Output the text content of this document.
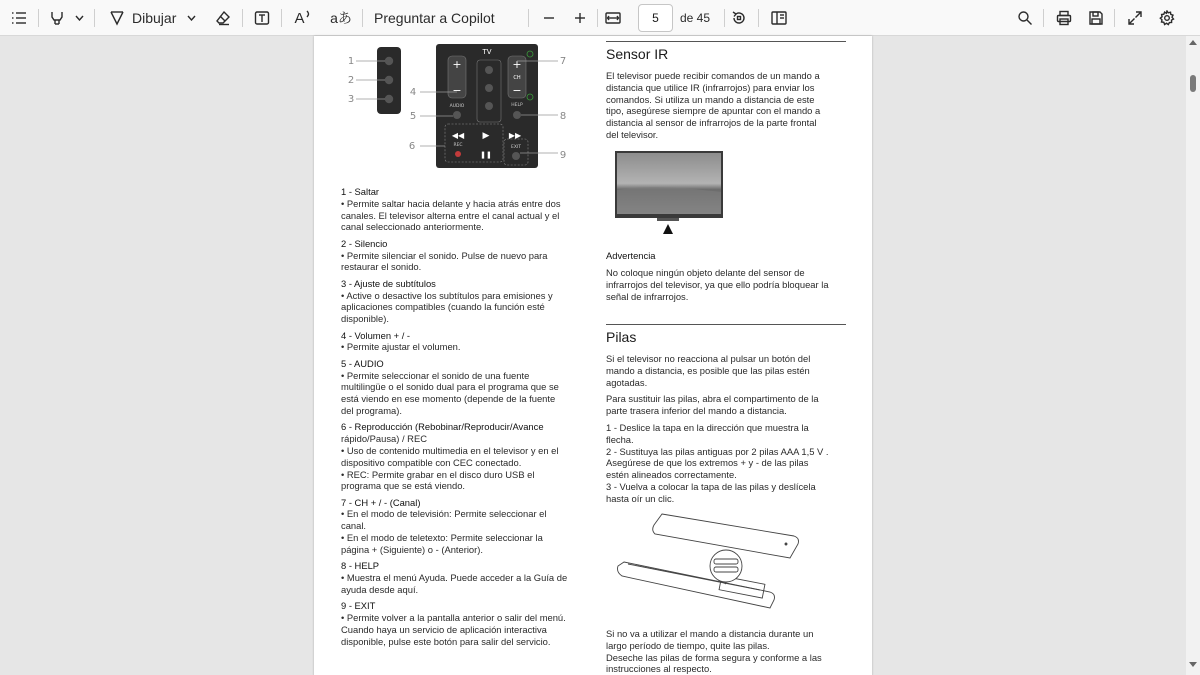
Dibujar	A aあ Preguntar a Copilot	5 de 45
TV
+
−
+
CH
−
AUDIO	HELP
◀◀ ▶ ▶▶
REC
❚❚
EXIT
1
2
3
4
5
6
7
8
9
1 - Saltar
• Permite saltar hacia delante y hacia atrás entre dos
canales. El televisor alterna entre el canal actual y el
canal seleccionado anteriormente.
2 - Silencio
• Permite silenciar el sonido. Pulse de nuevo para
restaurar el sonido.
3 - Ajuste de subtítulos
• Active o desactive los subtítulos para emisiones y
aplicaciones compatibles (cuando la función esté
disponible).
4 - Volumen + / -
• Permite ajustar el volumen.
5 - AUDIO
• Permite seleccionar el sonido de una fuente
multilingüe o el sonido dual para el programa que se
está viendo en ese momento (depende de la fuente
del programa).
6 - Reproducción (Rebobinar/Reproducir/Avance
rápido/Pausa) / REC
• Uso de contenido multimedia en el televisor y en el
dispositivo compatible con CEC conectado.
• REC: Permite grabar en el disco duro USB el
programa que se está viendo.
7 - CH + / - (Canal)
• En el modo de televisión: Permite seleccionar el
canal.
• En el modo de teletexto: Permite seleccionar la
página + (Siguiente) o - (Anterior).
8 - HELP
• Muestra el menú Ayuda. Puede acceder a la Guía de
ayuda desde aquí.
9 - EXIT
• Permite volver a la pantalla anterior o salir del menú.
Cuando haya un servicio de aplicación interactiva
disponible, pulse este botón para salir del servicio.
Sensor IR
El televisor puede recibir comandos de un mando a
distancia que utilice IR (infrarrojos) para enviar los
comandos. Si utiliza un mando a distancia de este
tipo, asegúrese siempre de apuntar con el mando a
distancia al sensor de infrarrojos de la parte frontal
del televisor.
Advertencia
No coloque ningún objeto delante del sensor de
infrarrojos del televisor, ya que ello podría bloquear la
señal de infrarrojos.
Pilas
Si el televisor no reacciona al pulsar un botón del
mando a distancia, es posible que las pilas estén
agotadas.
Para sustituir las pilas, abra el compartimento de la
parte trasera inferior del mando a distancia.
1 - Deslice la tapa en la dirección que muestra la
flecha.
2 - Sustituya las pilas antiguas por 2 pilas AAA 1,5 V .
Asegúrese de que los extremos + y - de las pilas
estén alineados correctamente.
3 - Vuelva a colocar la tapa de las pilas y deslícela
hasta oír un clic.
Si no va a utilizar el mando a distancia durante un
largo período de tiempo, quite las pilas.
Deseche las pilas de forma segura y conforme a las
instrucciones al respecto.
